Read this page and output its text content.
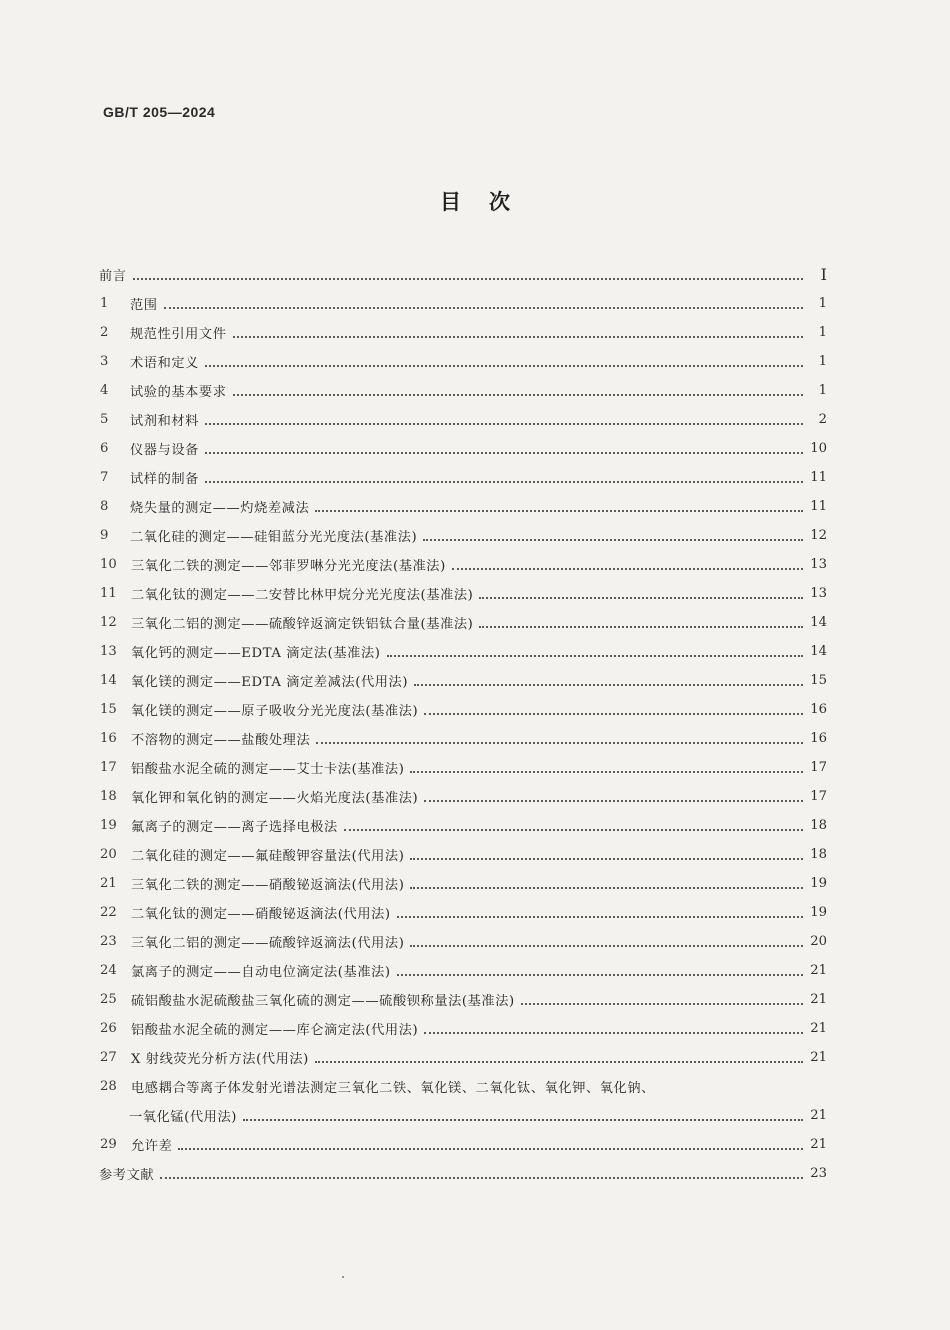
GB/T 205—2024
目 次
前言	I
1	范围	1
2	规范性引用文件	1
3	术语和定义	1
4	试验的基本要求	1
5	试剂和材料	2
6	仪器与设备	10
7	试样的制备	11
8	烧失量的测定——灼烧差减法	11
9	二氧化硅的测定——硅钼蓝分光光度法(基准法)	12
10	三氧化二铁的测定——邻菲罗啉分光光度法(基准法)	13
11	二氧化钛的测定——二安替比林甲烷分光光度法(基准法)	13
12	三氧化二铝的测定——硫酸锌返滴定铁铝钛合量(基准法)	14
13	氧化钙的测定——EDTA 滴定法(基准法)	14
14	氧化镁的测定——EDTA 滴定差减法(代用法)	15
15	氧化镁的测定——原子吸收分光光度法(基准法)	16
16	不溶物的测定——盐酸处理法	16
17	铝酸盐水泥全硫的测定——艾士卡法(基准法)	17
18	氧化钾和氧化钠的测定——火焰光度法(基准法)	17
19	氟离子的测定——离子选择电极法	18
20	二氧化硅的测定——氟硅酸钾容量法(代用法)	18
21	三氧化二铁的测定——硝酸铋返滴法(代用法)	19
22	二氧化钛的测定——硝酸铋返滴法(代用法)	19
23	三氧化二铝的测定——硫酸锌返滴法(代用法)	20
24	氯离子的测定——自动电位滴定法(基准法)	21
25	硫铝酸盐水泥硫酸盐三氧化硫的测定——硫酸钡称量法(基准法)	21
26	铝酸盐水泥全硫的测定——库仑滴定法(代用法)	21
27	X 射线荧光分析方法(代用法)	21
28	电感耦合等离子体发射光谱法测定三氧化二铁、氧化镁、二氧化钛、氧化钾、氧化钠、
一氧化锰(代用法)	21
29	允许差	21
参考文献	23
